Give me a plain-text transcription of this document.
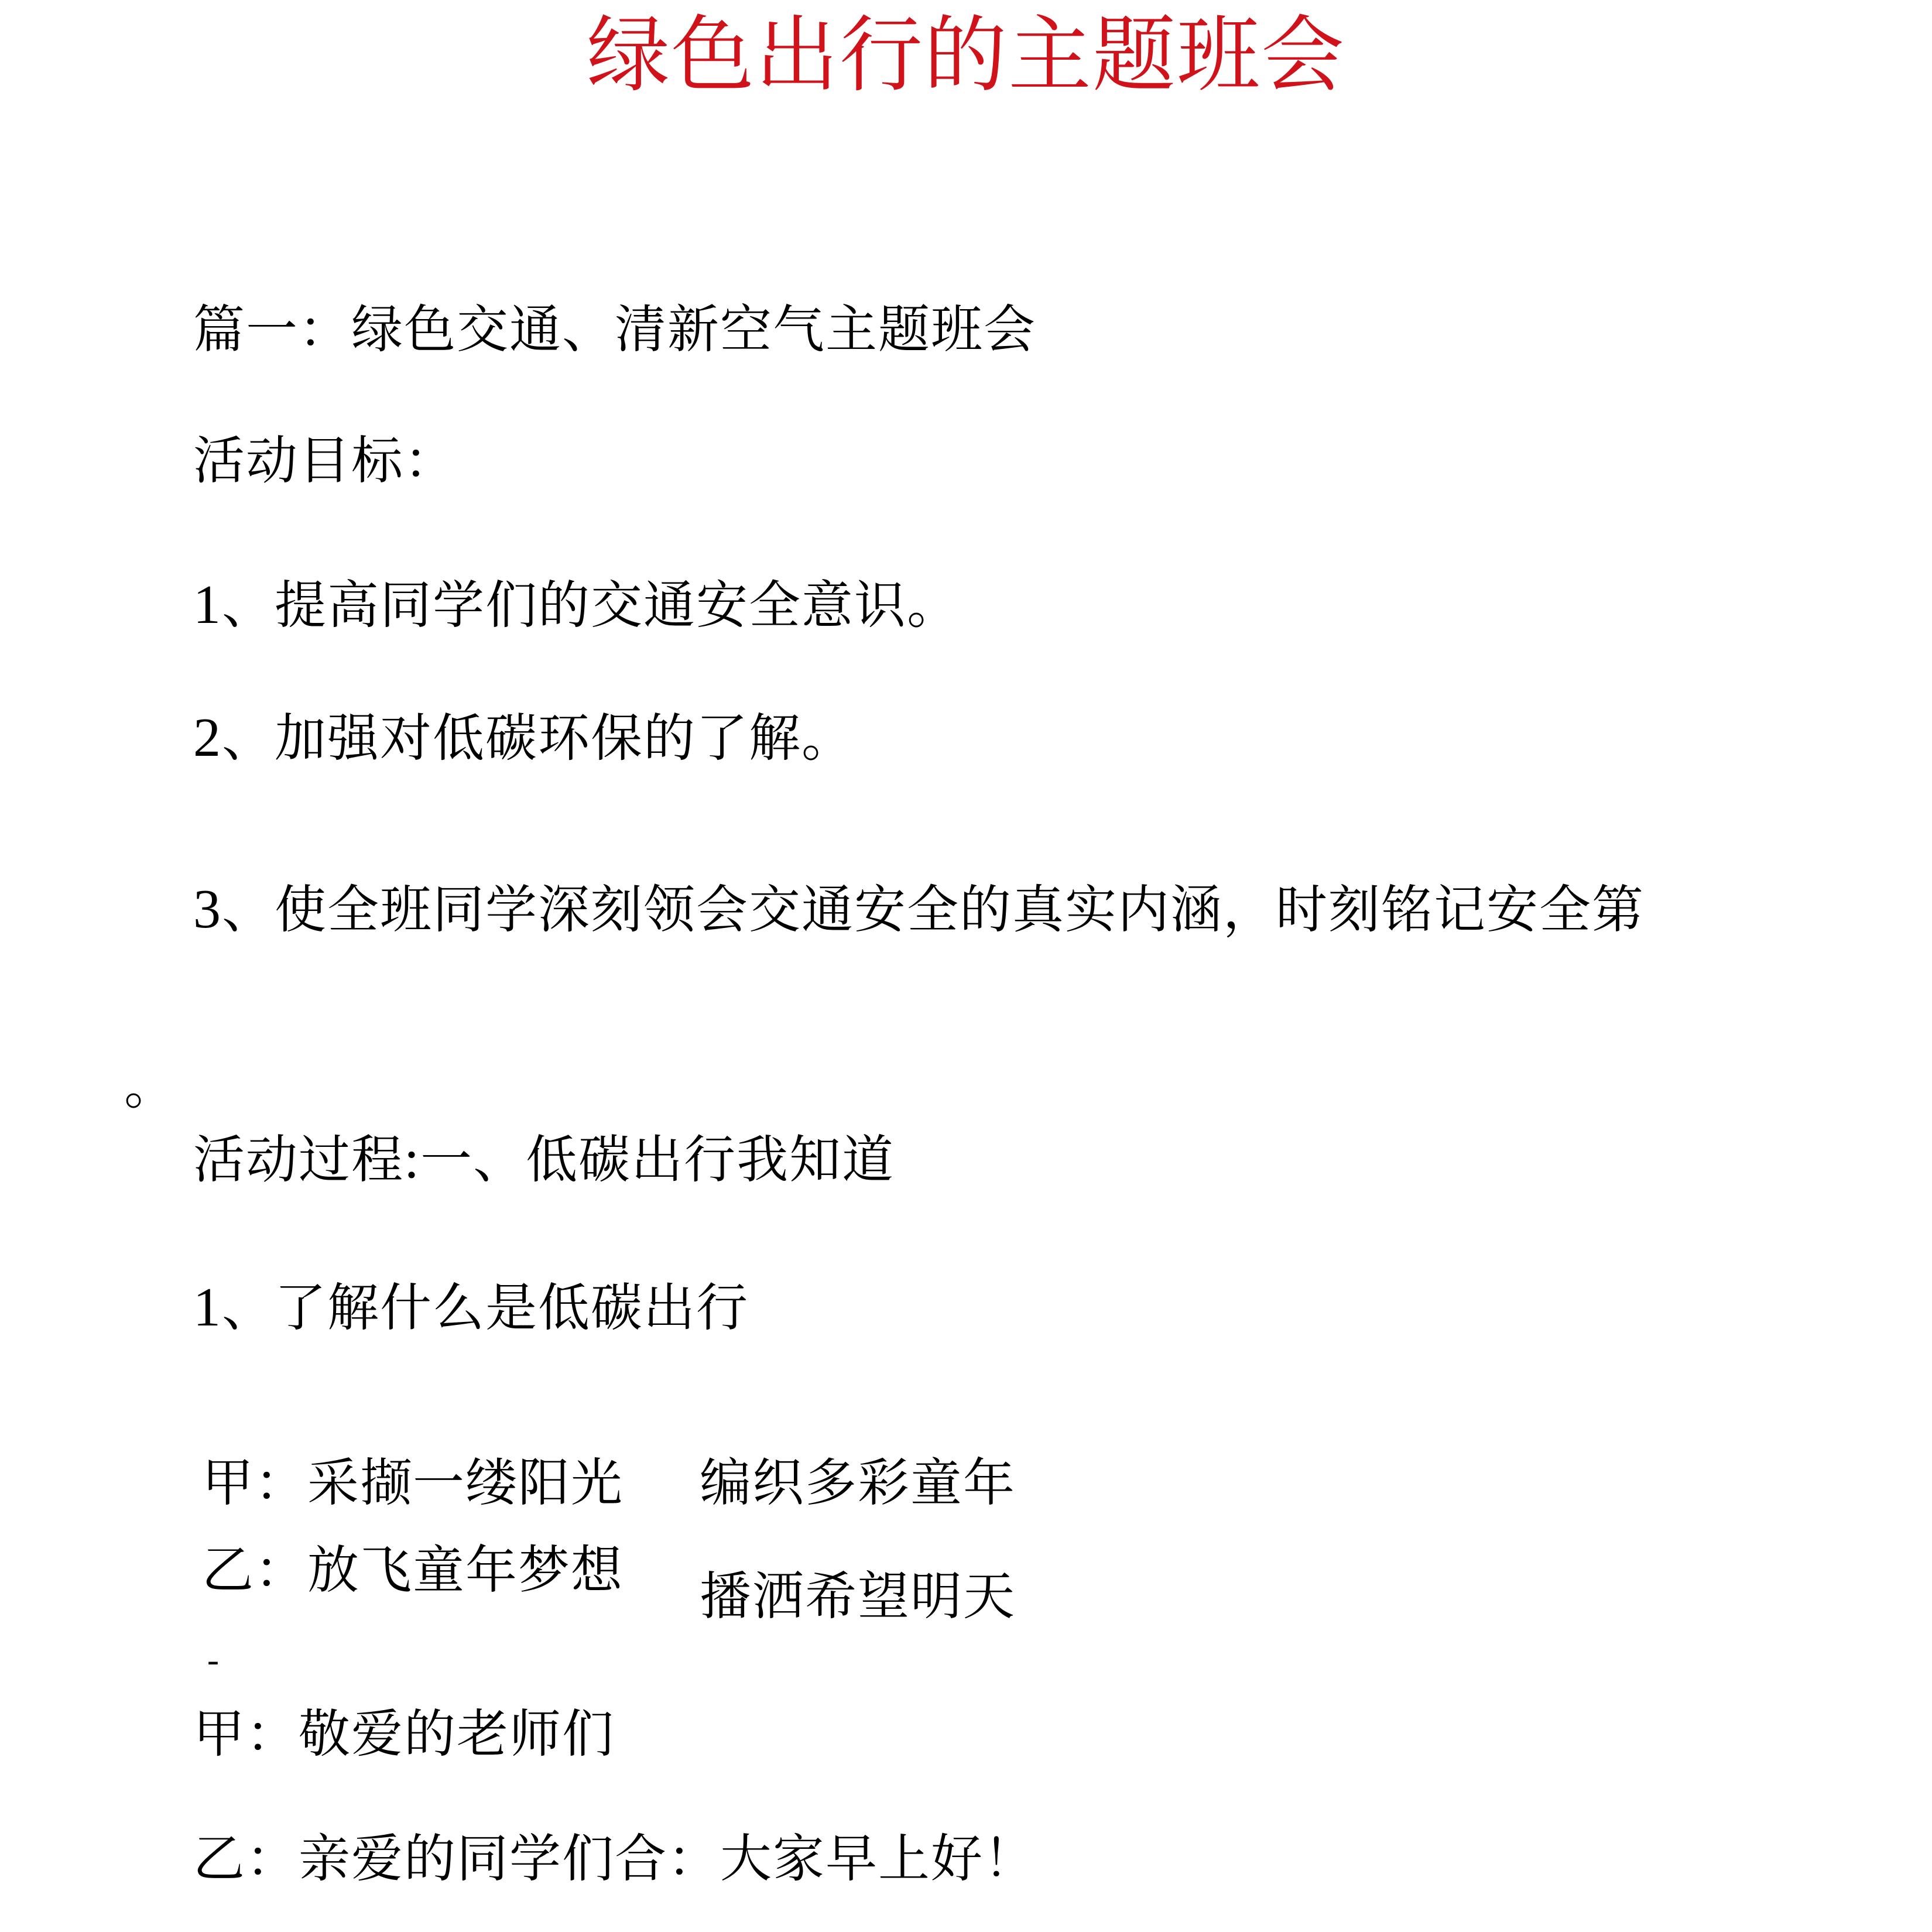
绿色出行的主题班会
篇一：绿色交通、清新空气主题班会
活动目标：
1、提高同学们的交通安全意识。
2、加强对低碳环保的了解。
3、使全班同学深刻领会交通安全的真实内涵，时刻铭记安全第
。
活动过程:一、低碳出行我知道
1、了解什么是低碳出行
甲：采撷一缕阳光 编织多彩童年
乙：放飞童年梦想 播洒希望明天
-
甲：敬爱的老师们
乙：亲爱的同学们合：大家早上好！
